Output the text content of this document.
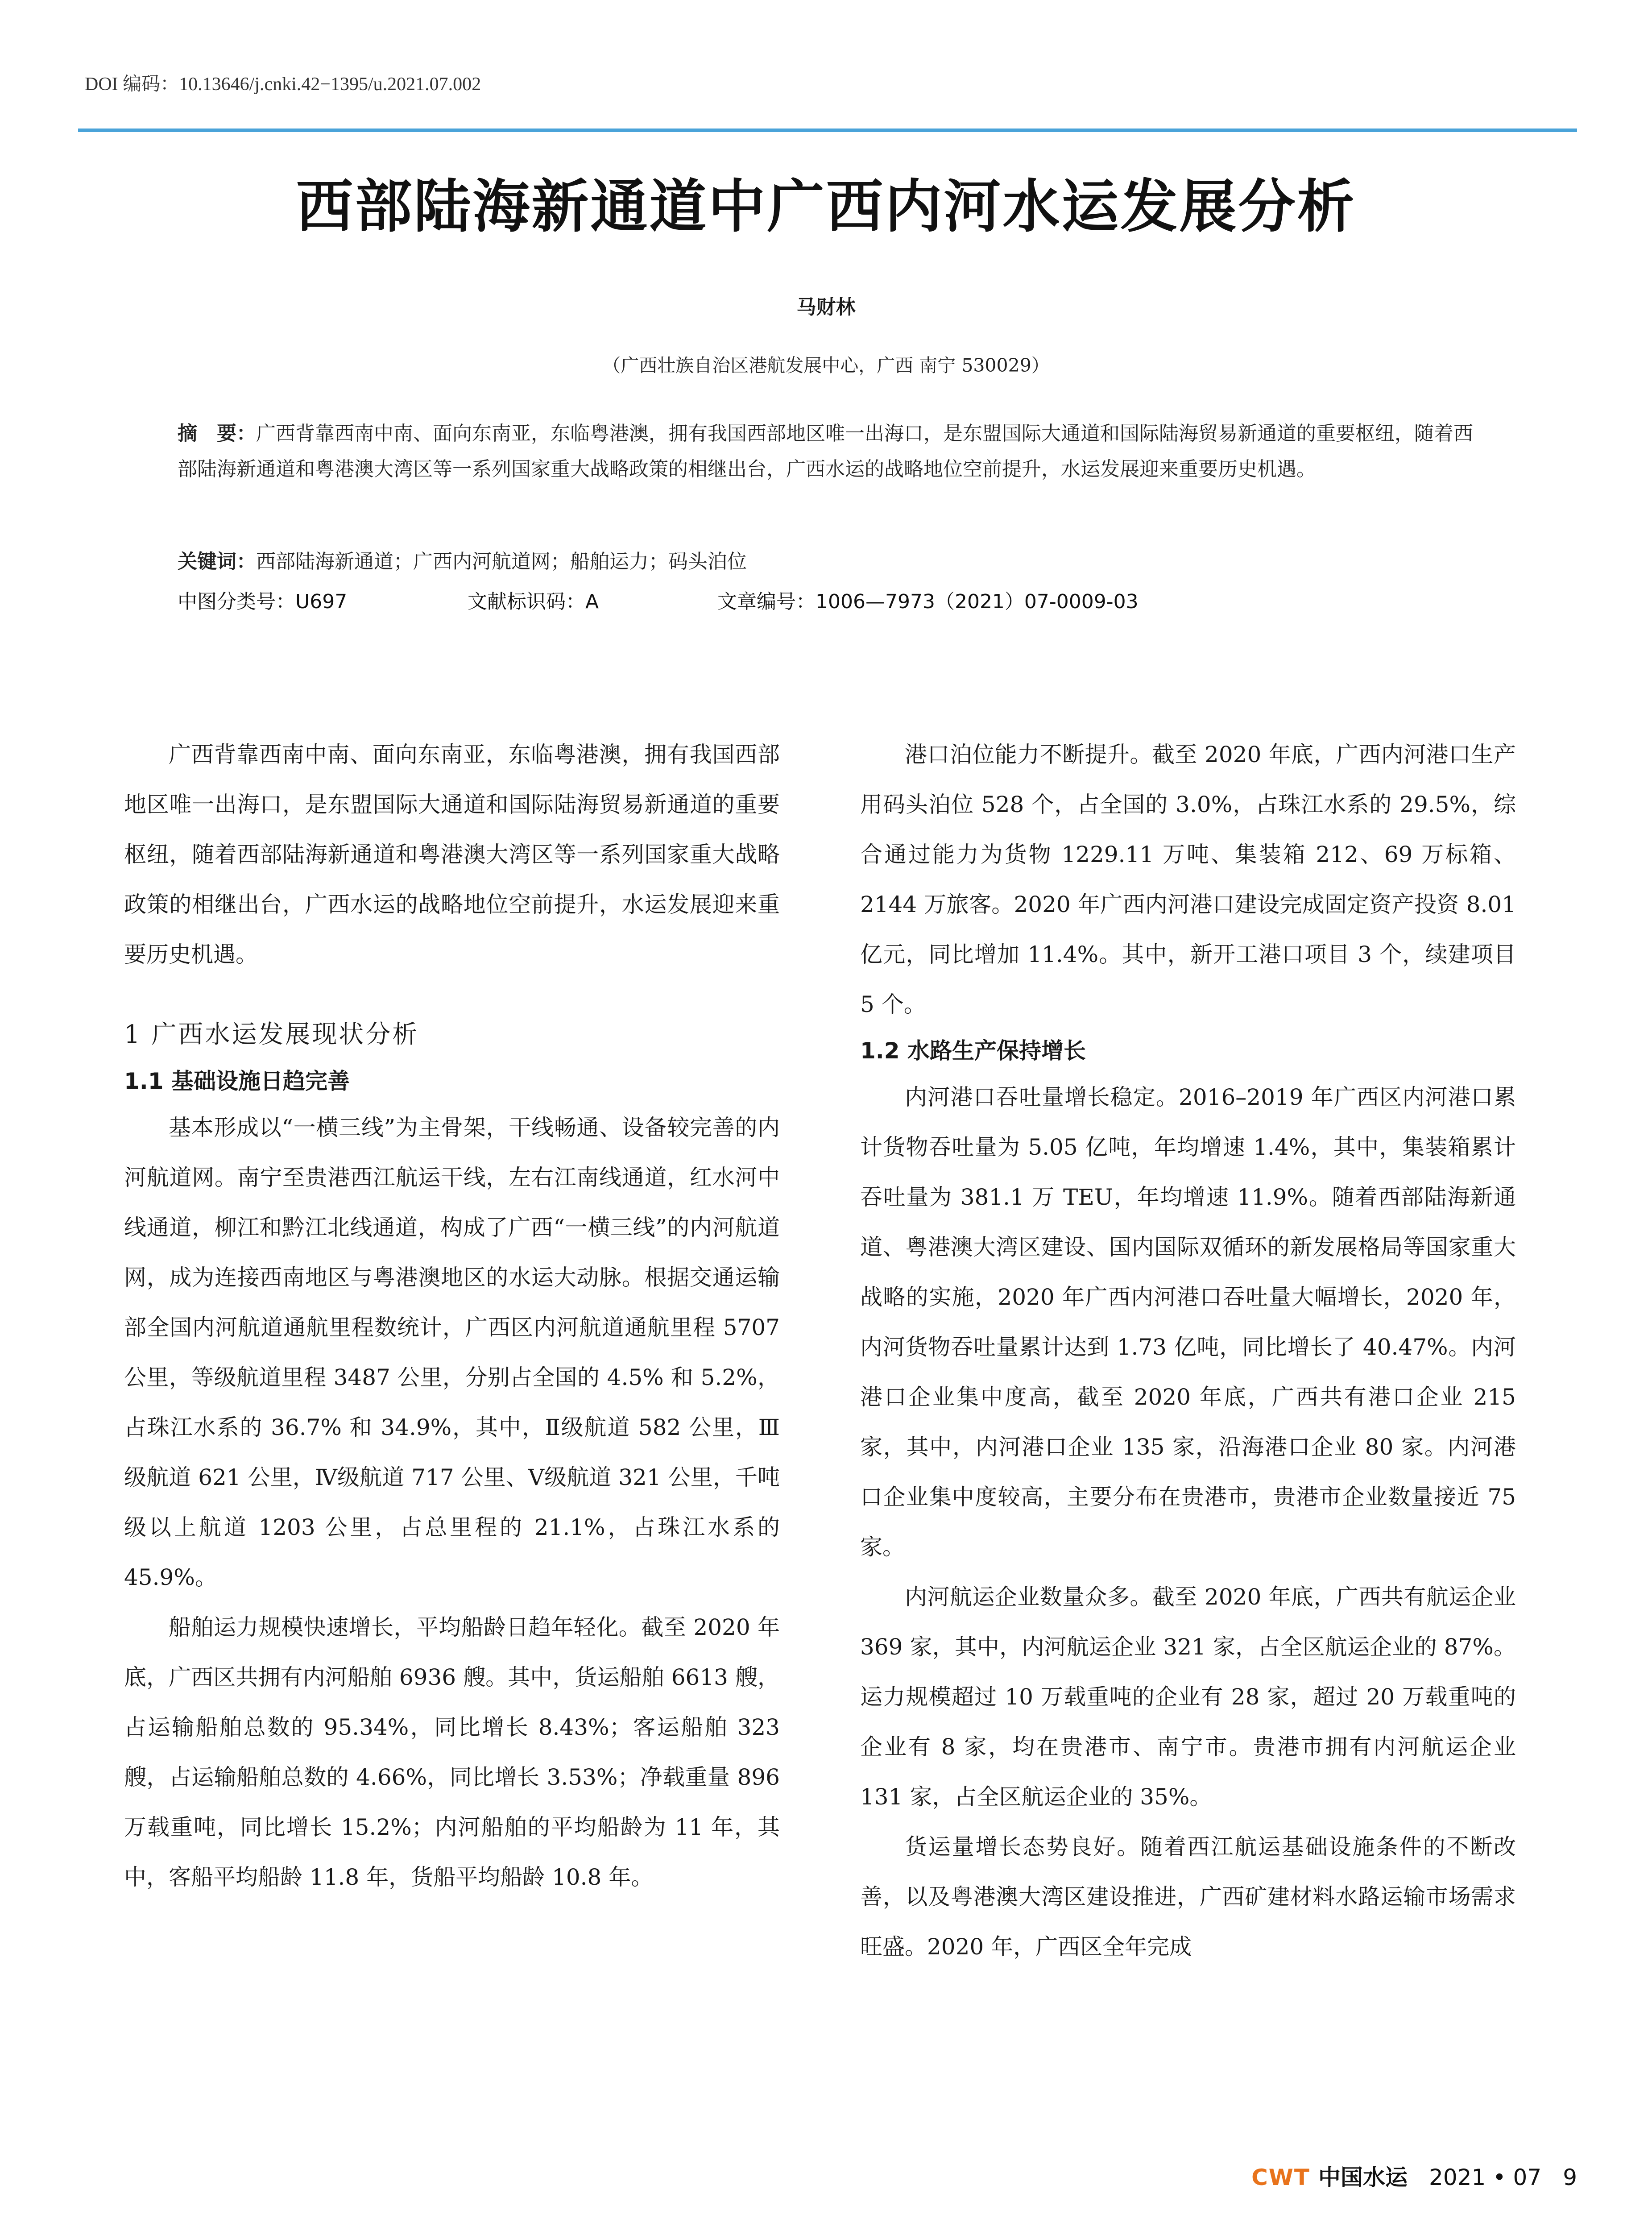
DOI 编码：10.13646/j.cnki.42−1395/u.2021.07.002
西部陆海新通道中广西内河水运发展分析
马财林
（广西壮族自治区港航发展中心，广西 南宁 530029）
摘　要：广西背靠西南中南、面向东南亚，东临粤港澳，拥有我国西部地区唯一出海口，是东盟国际大通道和国际陆海贸易新通道的重要枢纽，随着西部陆海新通道和粤港澳大湾区等一系列国家重大战略政策的相继出台，广西水运的战略地位空前提升，水运发展迎来重要历史机遇。
关键词：西部陆海新通道；广西内河航道网；船舶运力；码头泊位
中图分类号：U697	文献标识码：A	文章编号：1006—7973（2021）07-0009-03

广西背靠西南中南、面向东南亚，东临粤港澳，拥有我国西部地区唯一出海口，是东盟国际大通道和国际陆海贸易新通道的重要枢纽，随着西部陆海新通道和粤港澳大湾区等一系列国家重大战略政策的相继出台，广西水运的战略地位空前提升，水运发展迎来重要历史机遇。

1 广西水运发展现状分析
1.1 基础设施日趋完善

基本形成以“一横三线”为主骨架，干线畅通、设备较完善的内河航道网。南宁至贵港西江航运干线，左右江南线通道，红水河中线通道，柳江和黔江北线通道，构成了广西“一横三线”的内河航道网，成为连接西南地区与粤港澳地区的水运大动脉。根据交通运输部全国内河航道通航里程数统计，广西区内河航道通航里程 5707 公里，等级航道里程 3487 公里，分别占全国的 4.5% 和 5.2%，占珠江水系的 36.7% 和 34.9%，其中，Ⅱ级航道 582 公里，Ⅲ级航道 621 公里，Ⅳ级航道 717 公里、Ⅴ级航道 321 公里，千吨级以上航道 1203 公里，占总里程的 21.1%，占珠江水系的 45.9%。

船舶运力规模快速增长，平均船龄日趋年轻化。截至 2020 年底，广西区共拥有内河船舶 6936 艘。其中，货运船舶 6613 艘，占运输船舶总数的 95.34%，同比增长 8.43%；客运船舶 323 艘，占运输船舶总数的 4.66%，同比增长 3.53%；净载重量 896 万载重吨，同比增长 15.2%；内河船舶的平均船龄为 11 年，其中，客船平均船龄 11.8 年，货船平均船龄 10.8 年。

港口泊位能力不断提升。截至 2020 年底，广西内河港口生产用码头泊位 528 个，占全国的 3.0%，占珠江水系的 29.5%，综合通过能力为货物 1229.11 万吨、集装箱 212、69 万标箱、2144 万旅客。2020 年广西内河港口建设完成固定资产投资 8.01 亿元，同比增加 11.4%。其中，新开工港口项目 3 个，续建项目 5 个。

1.2 水路生产保持增长

内河港口吞吐量增长稳定。2016–2019 年广西区内河港口累计货物吞吐量为 5.05 亿吨，年均增速 1.4%，其中，集装箱累计吞吐量为 381.1 万 TEU，年均增速 11.9%。随着西部陆海新通道、粤港澳大湾区建设、国内国际双循环的新发展格局等国家重大战略的实施，2020 年广西内河港口吞吐量大幅增长，2020 年，内河货物吞吐量累计达到 1.73 亿吨，同比增长了 40.47%。内河港口企业集中度高，截至 2020 年底，广西共有港口企业 215 家，其中，内河港口企业 135 家，沿海港口企业 80 家。内河港口企业集中度较高，主要分布在贵港市，贵港市企业数量接近 75 家。

内河航运企业数量众多。截至 2020 年底，广西共有航运企业 369 家，其中，内河航运企业 321 家，占全区航运企业的 87%。运力规模超过 10 万载重吨的企业有 28 家，超过 20 万载重吨的企业有 8 家，均在贵港市、南宁市。贵港市拥有内河航运企业 131 家，占全区航运企业的 35%。

货运量增长态势良好。随着西江航运基础设施条件的不断改善，以及粤港澳大湾区建设推进，广西矿建材料水路运输市场需求旺盛。2020 年，广西区全年完成

CWT 中国水运 2021 • 07 9
